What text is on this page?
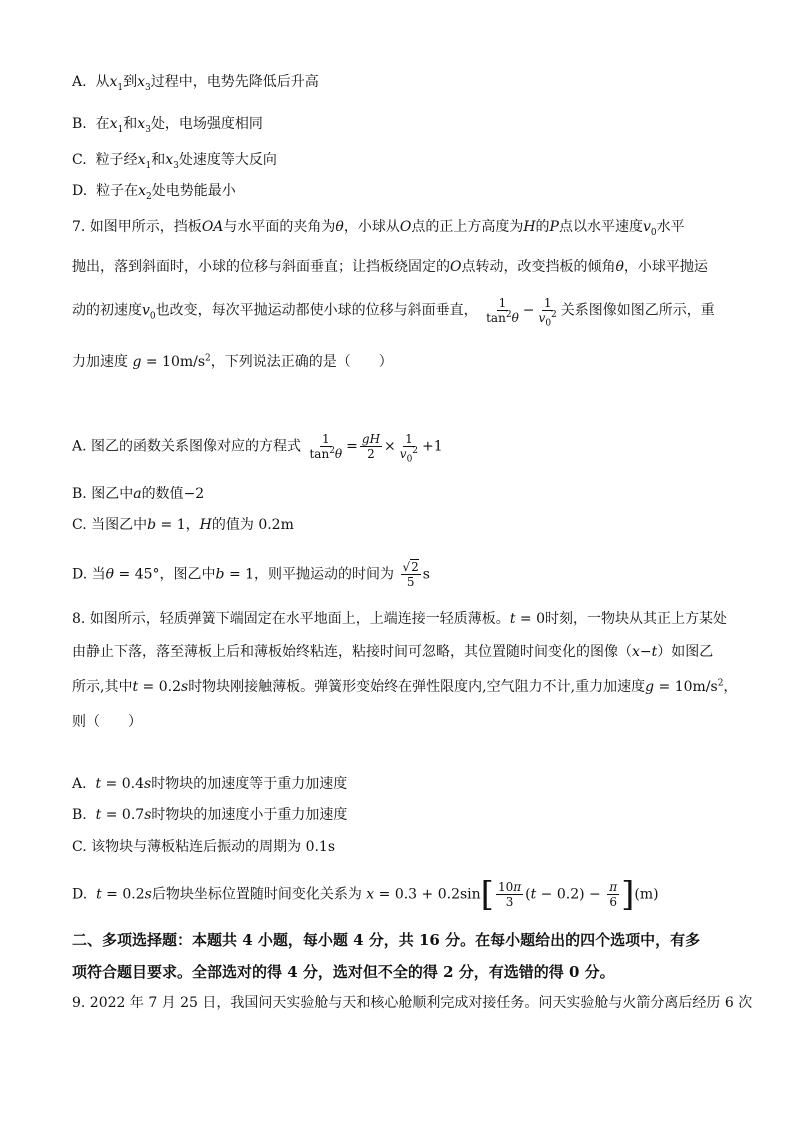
A. 从$x_1$到$x_3$过程中，电势先降低后升高
B. 在$x_1$和$x_3$处，电场强度相同
C. 粒子经$x_1$和$x_3$处速度等大反向
D. 粒子在$x_2$处电势能最小
7. 如图甲所示，挡板OA与水平面的夹角为θ，小球从O点的正上方高度为H的P点以水平速度$v_0$水平
抛出，落到斜面时，小球的位移与斜面垂直；让挡板绕固定的O点转动，改变挡板的倾角θ，小球平抛运
动的初速度$v_0$也改变，每次平抛运动都使小球的位移与斜面垂直， $\frac{1}{\tan^2\theta} - \frac{1}{v_0^2}$ 关系图像如图乙所示，重
力加速度 $g = 10m/s^2$，下列说法正确的是（　　）
A. 图乙的函数关系图像对应的方程式 $\frac{1}{\tan^2\theta} = \frac{gH}{2} \times \frac{1}{v_0^2} +1$
B. 图乙中a的数值−2
C. 当图乙中b = 1，H的值为 0.2m
D. 当θ = 45°，图乙中b = 1，则平抛运动的时间为 $\frac{√2}{5}$ s
8. 如图所示，轻质弹簧下端固定在水平地面上，上端连接一轻质薄板。t = 0时刻，一物块从其正上方某处
由静止下落，落至薄板上后和薄板始终粘连，粘接时间可忽略，其位置随时间变化的图像（x−t）如图乙
所示,其中t = 0.2s时物块刚接触薄板。弹簧形变始终在弹性限度内,空气阻力不计,重力加速度$g = 10m/s^2$，
则（　　）
A. t = 0.4s时物块的加速度等于重力加速度
B. t = 0.7s时物块的加速度小于重力加速度
C. 该物块与薄板粘连后振动的周期为 0.1s
D. t = 0.2s后物块坐标位置随时间变化关系为 $x = 0.3 + 0.2\sin[ \frac{10\pi}{3} (t - 0.2) - \frac{\pi}{6} ](m)$
二、多项选择题：本题共 4 小题，每小题 4 分，共 16 分。在每小题给出的四个选项中，有多
项符合题目要求。全部选对的得 4 分，选对但不全的得 2 分，有选错的得 0 分。
9. 2022 年 7 月 25 日，我国问天实验舱与天和核心舱顺利完成对接任务。问天实验舱与火箭分离后经历 6 次
